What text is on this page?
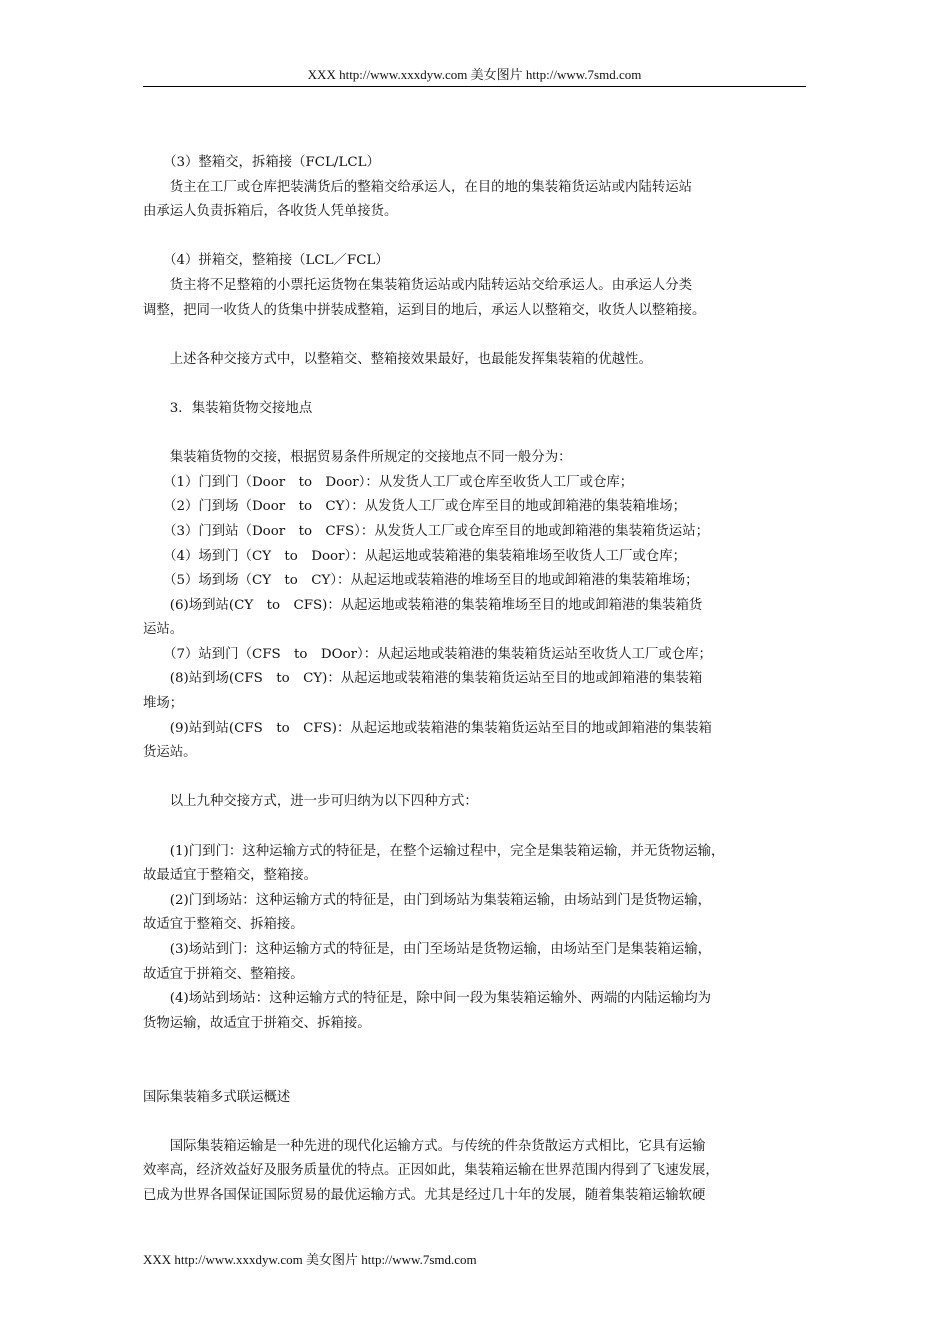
XXX http://www.xxxdyw.com 美女图片 http://www.7smd.com

　　（3）整箱交，拆箱接（FCL/LCL）

　　货主在工厂或仓库把装满货后的整箱交给承运人，在目的地的集装箱货运站或内陆转运站

由承运人负责拆箱后，各收货人凭单接货。

　　（4）拼箱交，整箱接（LCL／FCL）

　　货主将不足整箱的小票托运货物在集装箱货运站或内陆转运站交给承运人。由承运人分类

调整，把同一收货人的货集中拼装成整箱，运到目的地后，承运人以整箱交，收货人以整箱接。

　　上述各种交接方式中，以整箱交、整箱接效果最好，也最能发挥集装箱的优越性。

　　3．集装箱货物交接地点

　　集装箱货物的交接，根据贸易条件所规定的交接地点不同一般分为：

　　（1）门到门（Door　to　Door）：从发货人工厂或仓库至收货人工厂或仓库；

　　（2）门到场（Door　to　CY）：从发货人工厂或仓库至目的地或卸箱港的集装箱堆场；

　　（3）门到站（Door　to　CFS）：从发货人工厂或仓库至目的地或卸箱港的集装箱货运站；

　　（4）场到门（CY　to　Door）：从起运地或装箱港的集装箱堆场至收货人工厂或仓库；

　　（5）场到场（CY　to　CY）：从起运地或装箱港的堆场至目的地或卸箱港的集装箱堆场；

　　(6)场到站(CY　to　CFS)：从起运地或装箱港的集装箱堆场至目的地或卸箱港的集装箱货

运站。

　　（7）站到门（CFS　to　DOor）：从起运地或装箱港的集装箱货运站至收货人工厂或仓库；

　　(8)站到场(CFS　to　CY)：从起运地或装箱港的集装箱货运站至目的地或卸箱港的集装箱

堆场；

　　(9)站到站(CFS　to　CFS)：从起运地或装箱港的集装箱货运站至目的地或卸箱港的集装箱

货运站。

　　以上九种交接方式，进一步可归纳为以下四种方式：

　　(1)门到门：这种运输方式的特征是，在整个运输过程中，完全是集装箱运输，并无货物运输，

故最适宜于整箱交，整箱接。

　　(2)门到场站：这种运输方式的特征是，由门到场站为集装箱运输，由场站到门是货物运输，

故适宜于整箱交、拆箱接。

　　(3)场站到门：这种运输方式的特征是，由门至场站是货物运输，由场站至门是集装箱运输，

故适宜于拼箱交、整箱接。

　　(4)场站到场站：这种运输方式的特征是，除中间一段为集装箱运输外、两端的内陆运输均为

货物运输，故适宜于拼箱交、拆箱接。

国际集装箱多式联运概述

　　国际集装箱运输是一种先进的现代化运输方式。与传统的件杂货散运方式相比，它具有运输

效率高，经济效益好及服务质量优的特点。正因如此，集装箱运输在世界范围内得到了飞速发展，

已成为世界各国保证国际贸易的最优运输方式。尤其是经过几十年的发展，随着集装箱运输软硬

XXX http://www.xxxdyw.com 美女图片 http://www.7smd.com
